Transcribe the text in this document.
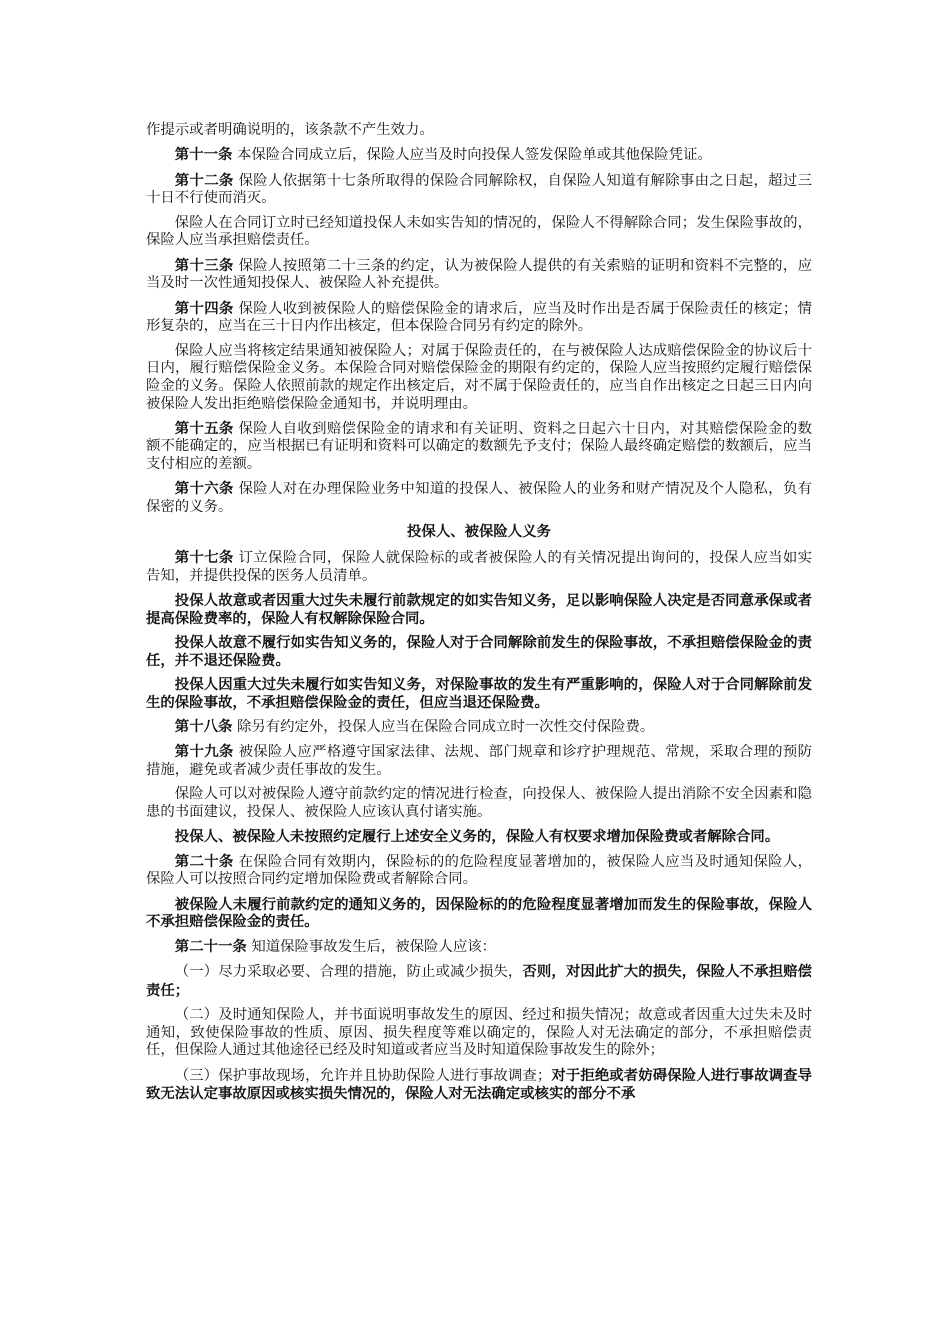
作提示或者明确说明的，该条款不产生效力。

第十一条 本保险合同成立后，保险人应当及时向投保人签发保险单或其他保险凭证。

第十二条 保险人依据第十七条所取得的保险合同解除权，自保险人知道有解除事由之日起，超过三十日不行使而消灭。

保险人在合同订立时已经知道投保人未如实告知的情况的，保险人不得解除合同；发生保险事故的，保险人应当承担赔偿责任。

第十三条 保险人按照第二十三条的约定，认为被保险人提供的有关索赔的证明和资料不完整的，应当及时一次性通知投保人、被保险人补充提供。

第十四条 保险人收到被保险人的赔偿保险金的请求后，应当及时作出是否属于保险责任的核定；情形复杂的，应当在三十日内作出核定，但本保险合同另有约定的除外。

保险人应当将核定结果通知被保险人；对属于保险责任的，在与被保险人达成赔偿保险金的协议后十日内，履行赔偿保险金义务。本保险合同对赔偿保险金的期限有约定的，保险人应当按照约定履行赔偿保险金的义务。保险人依照前款的规定作出核定后，对不属于保险责任的，应当自作出核定之日起三日内向被保险人发出拒绝赔偿保险金通知书，并说明理由。

第十五条 保险人自收到赔偿保险金的请求和有关证明、资料之日起六十日内，对其赔偿保险金的数额不能确定的，应当根据已有证明和资料可以确定的数额先予支付；保险人最终确定赔偿的数额后，应当支付相应的差额。

第十六条 保险人对在办理保险业务中知道的投保人、被保险人的业务和财产情况及个人隐私，负有保密的义务。

投保人、被保险人义务

第十七条 订立保险合同，保险人就保险标的或者被保险人的有关情况提出询问的，投保人应当如实告知，并提供投保的医务人员清单。

投保人故意或者因重大过失未履行前款规定的如实告知义务，足以影响保险人决定是否同意承保或者提高保险费率的，保险人有权解除保险合同。

投保人故意不履行如实告知义务的，保险人对于合同解除前发生的保险事故，不承担赔偿保险金的责任，并不退还保险费。

投保人因重大过失未履行如实告知义务，对保险事故的发生有严重影响的，保险人对于合同解除前发生的保险事故，不承担赔偿保险金的责任，但应当退还保险费。

第十八条 除另有约定外，投保人应当在保险合同成立时一次性交付保险费。

第十九条 被保险人应严格遵守国家法律、法规、部门规章和诊疗护理规范、常规，采取合理的预防措施，避免或者减少责任事故的发生。

保险人可以对被保险人遵守前款约定的情况进行检查，向投保人、被保险人提出消除不安全因素和隐患的书面建议，投保人、被保险人应该认真付诸实施。

投保人、被保险人未按照约定履行上述安全义务的，保险人有权要求增加保险费或者解除合同。

第二十条 在保险合同有效期内，保险标的的危险程度显著增加的，被保险人应当及时通知保险人，保险人可以按照合同约定增加保险费或者解除合同。

被保险人未履行前款约定的通知义务的，因保险标的的危险程度显著增加而发生的保险事故，保险人不承担赔偿保险金的责任。

第二十一条 知道保险事故发生后，被保险人应该：

（一）尽力采取必要、合理的措施，防止或减少损失，否则，对因此扩大的损失，保险人不承担赔偿责任；

（二）及时通知保险人，并书面说明事故发生的原因、经过和损失情况；故意或者因重大过失未及时通知，致使保险事故的性质、原因、损失程度等难以确定的，保险人对无法确定的部分，不承担赔偿责任，但保险人通过其他途径已经及时知道或者应当及时知道保险事故发生的除外；

（三）保护事故现场，允许并且协助保险人进行事故调查；对于拒绝或者妨碍保险人进行事故调查导致无法认定事故原因或核实损失情况的，保险人对无法确定或核实的部分不承
